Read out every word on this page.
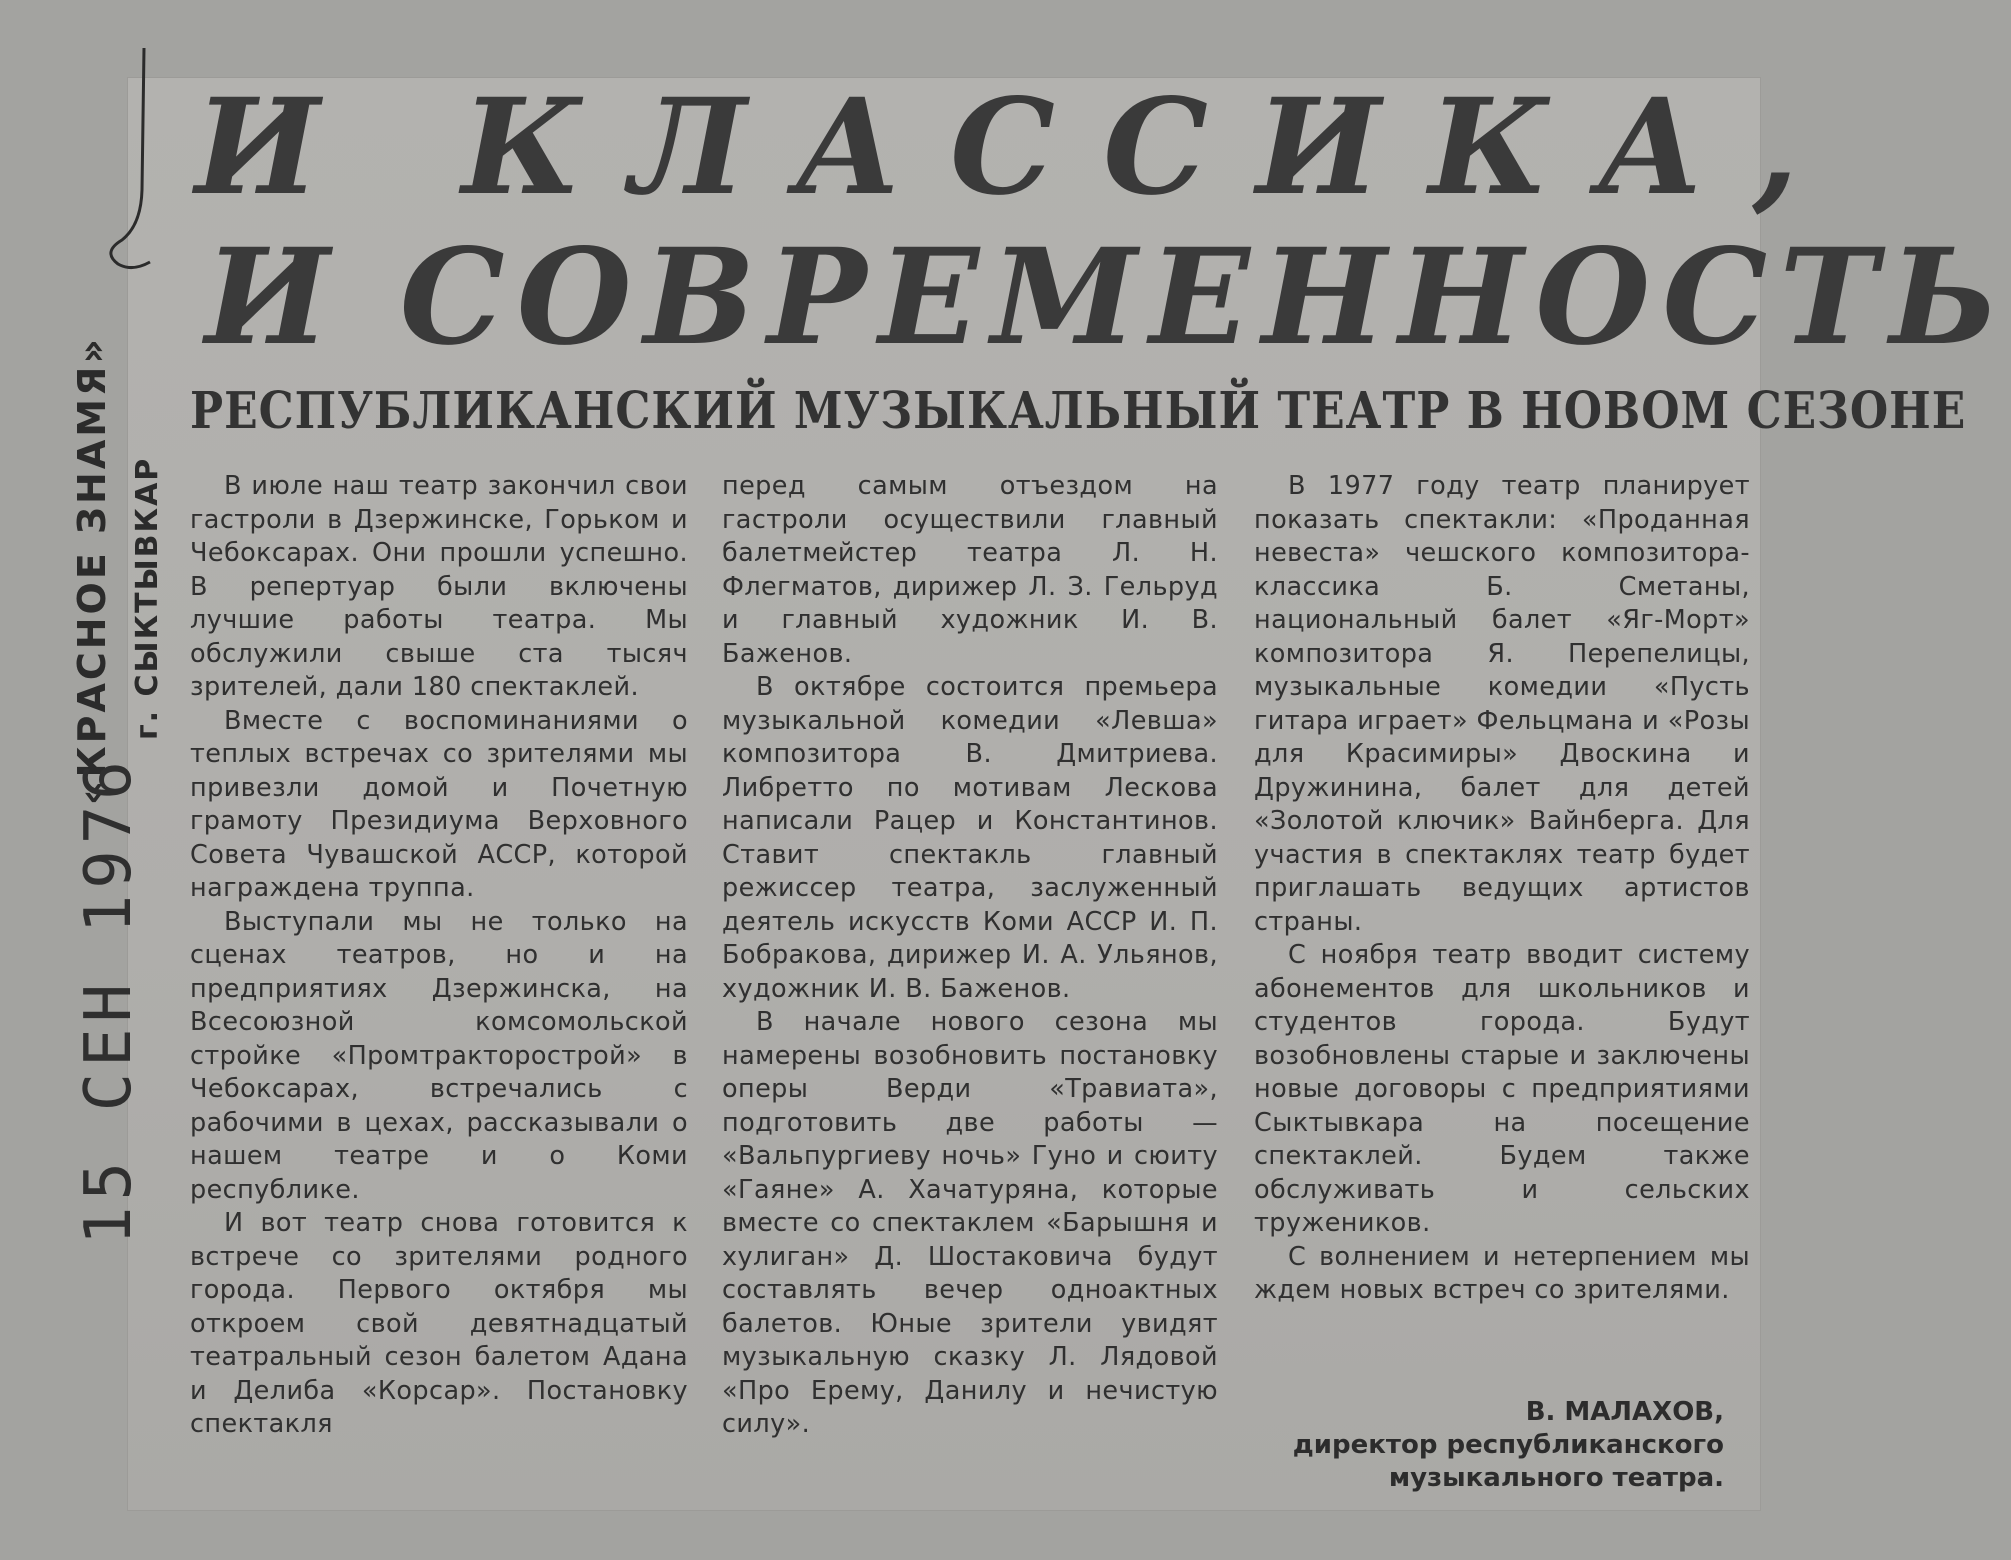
«КРАСНОЕ ЗНАМЯ» г. СЫКТЫВКАР
15 СЕН 1976
И КЛАССИКА,
И СОВРЕМЕННОСТЬ
РЕСПУБЛИКАНСКИЙ МУЗЫКАЛЬНЫЙ ТЕАТР В НОВОМ СЕЗОНЕ

В июле наш театр закончил свои гастроли в Дзержинске, Горьком и Чебоксарах. Они прошли успешно. В репертуар были включены лучшие работы театра. Мы обслужили свыше ста тысяч зрителей, дали 180 спектаклей.

Вместе с воспоминаниями о теплых встречах со зрителями мы привезли домой и Почетную грамоту Президиума Верховного Совета Чувашской АССР, которой награждена труппа.

Выступали мы не только на сценах театров, но и на предприятиях Дзержинска, на Всесоюзной комсомольской стройке «Промтракторострой» в Чебоксарах, встречались с рабочими в цехах, рассказывали о нашем театре и о Коми республике.

И вот театр снова готовится к встрече со зрителями родного города. Первого октября мы откроем свой девятнадцатый театральный сезон балетом Адана и Делиба «Корсар». Постановку спектакля

перед самым отъездом на гастроли осуществили главный балетмейстер театра Л. Н. Флегматов, дирижер Л. З. Гельруд и главный художник И. В. Баженов.

В октябре состоится премьера музыкальной комедии «Левша» композитора В. Дмитриева. Либретто по мотивам Лескова написали Рацер и Константинов. Ставит спектакль главный режиссер театра, заслуженный деятель искусств Коми АССР И. П. Бобракова, дирижер И. А. Ульянов, художник И. В. Баженов.

В начале нового сезона мы намерены возобновить постановку оперы Верди «Травиата», подготовить две работы — «Вальпургиеву ночь» Гуно и сюиту «Гаяне» А. Хачатуряна, которые вместе со спектаклем «Барышня и хулиган» Д. Шостаковича будут составлять вечер одноактных балетов. Юные зрители увидят музыкальную сказку Л. Лядовой «Про Ерему, Данилу и нечистую силу».

В 1977 году театр планирует показать спектакли: «Проданная невеста» чешского композитора-классика Б. Сметаны, национальный балет «Яг-Морт» композитора Я. Перепелицы, музыкальные комедии «Пусть гитара играет» Фельцмана и «Розы для Красимиры» Двоскина и Дружинина, балет для детей «Золотой ключик» Вайнберга. Для участия в спектаклях театр будет приглашать ведущих артистов страны.

С ноября театр вводит систему абонементов для школьников и студентов города. Будут возобновлены старые и заключены новые договоры с предприятиями Сыктывкара на посещение спектаклей. Будем также обслуживать и сельских тружеников.

С волнением и нетерпением мы ждем новых встреч со зрителями.

В. МАЛАХОВ,
директор республиканского
музыкального театра.
